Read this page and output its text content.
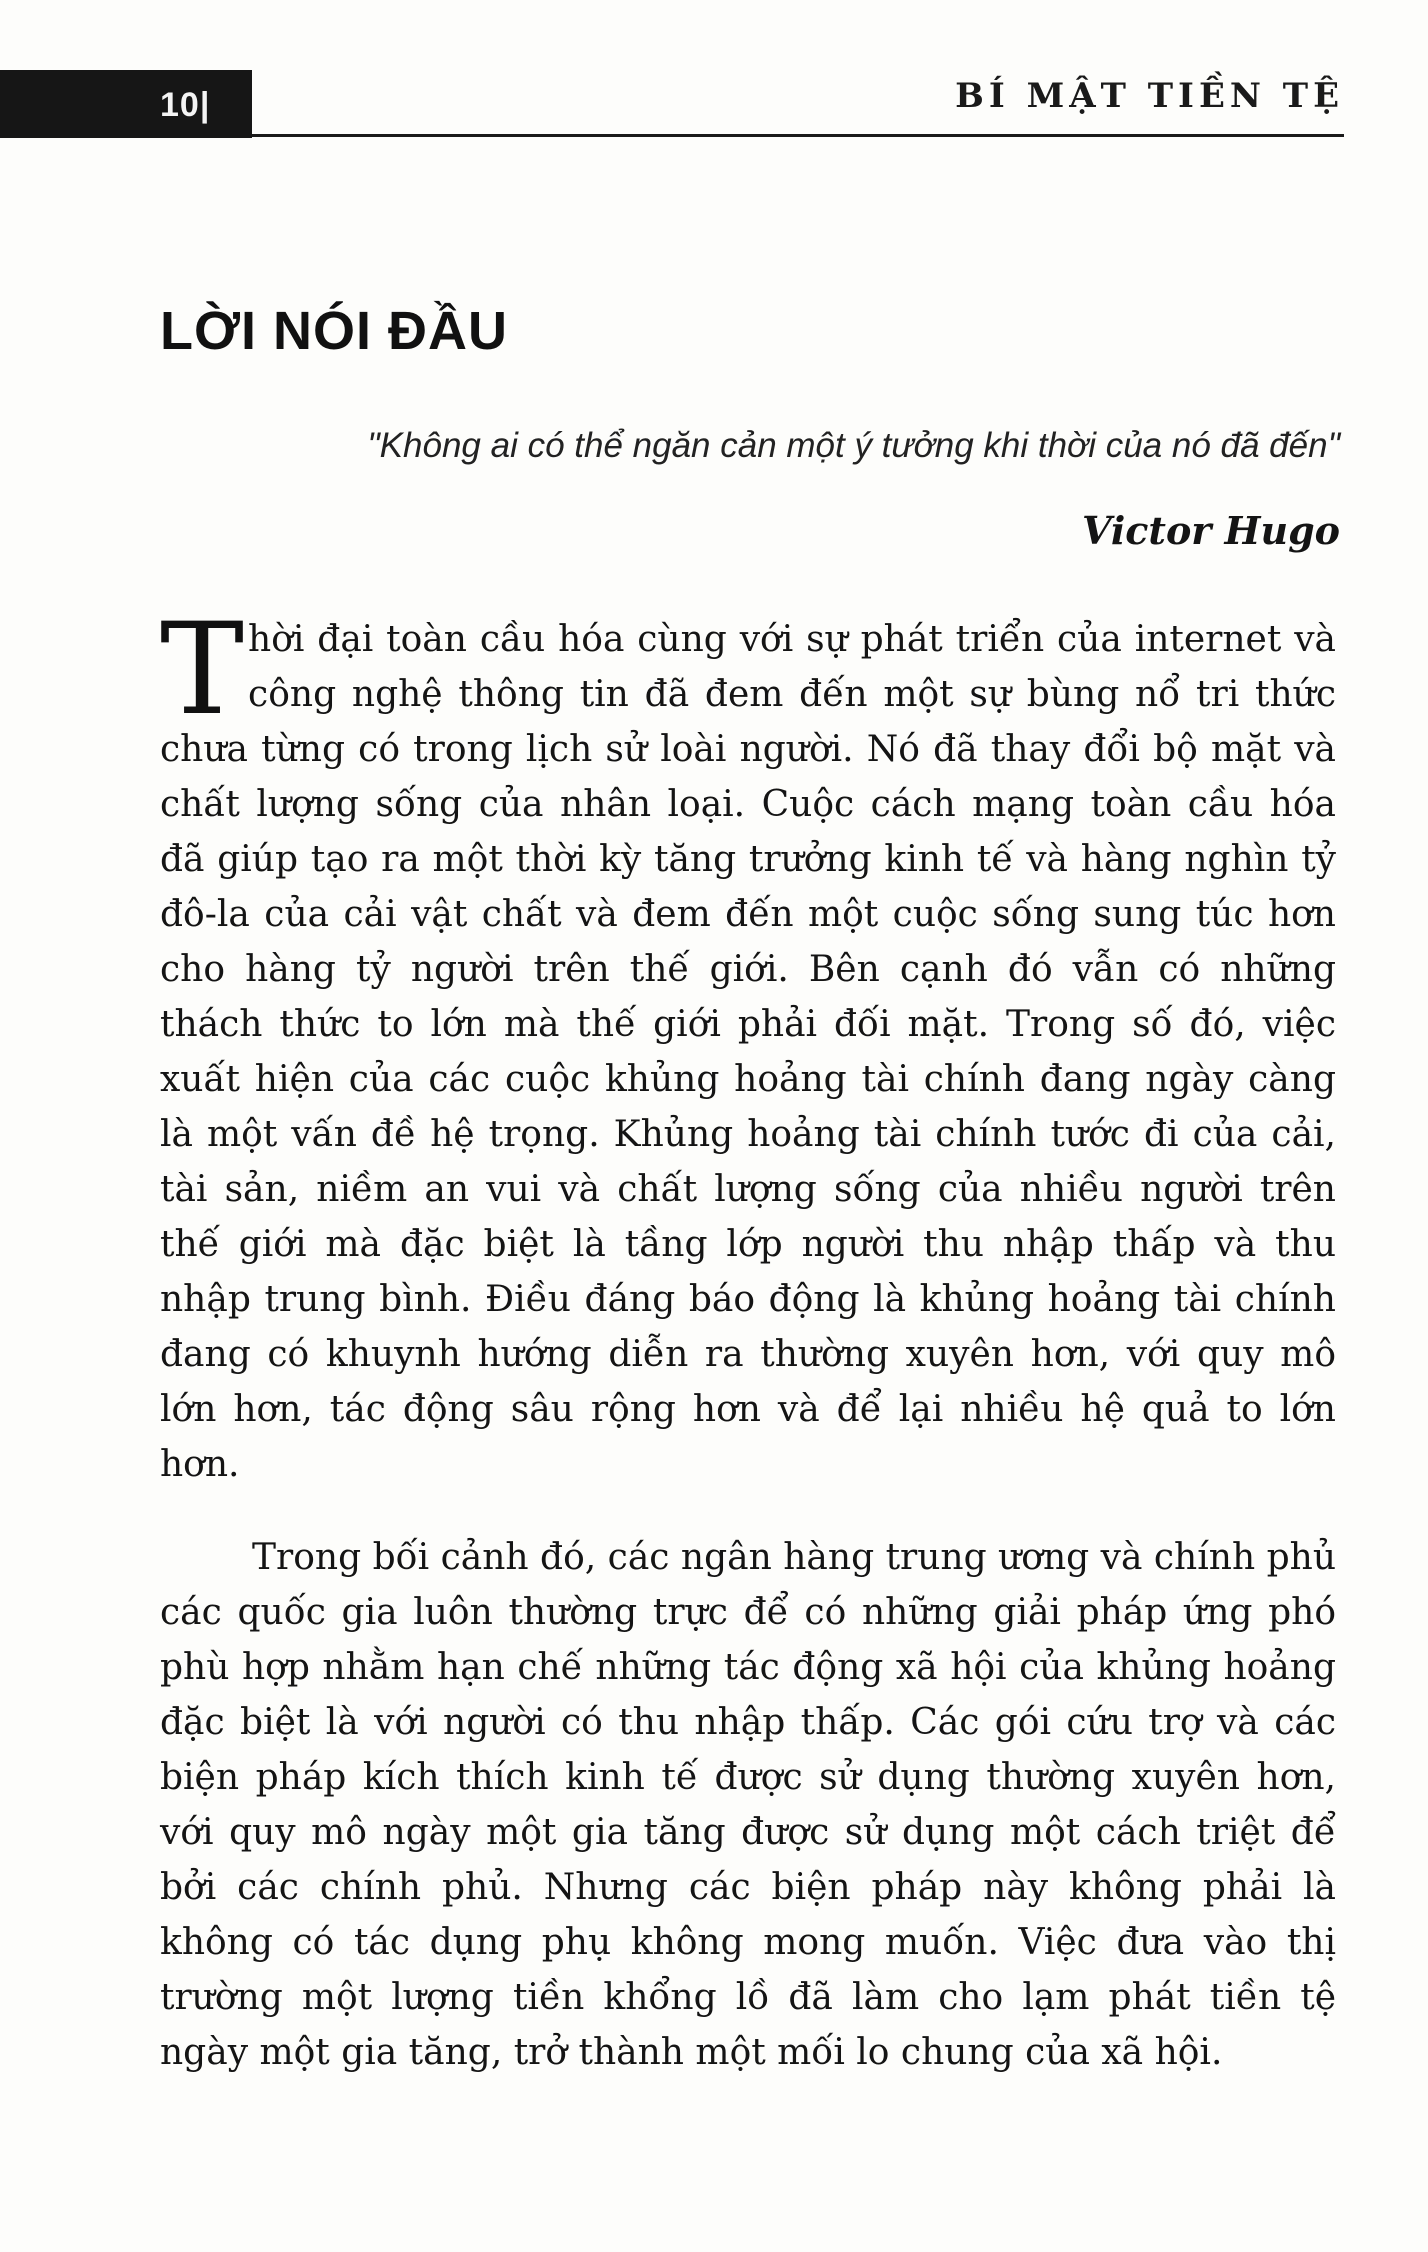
10|	BÍ MẬT TIỀN TỆ
LỜI NÓI ĐẦU
"Không ai có thể ngăn cản một ý tưởng khi thời của nó đã đến"
Victor Hugo

Thời đại toàn cầu hóa cùng với sự phát triển của internet và công nghệ thông tin đã đem đến một sự bùng nổ tri thức chưa từng có trong lịch sử loài người. Nó đã thay đổi bộ mặt và chất lượng sống của nhân loại. Cuộc cách mạng toàn cầu hóa đã giúp tạo ra một thời kỳ tăng trưởng kinh tế và hàng nghìn tỷ đô-la của cải vật chất và đem đến một cuộc sống sung túc hơn cho hàng tỷ người trên thế giới. Bên cạnh đó vẫn có những thách thức to lớn mà thế giới phải đối mặt. Trong số đó, việc xuất hiện của các cuộc khủng hoảng tài chính đang ngày càng là một vấn đề hệ trọng. Khủng hoảng tài chính tước đi của cải, tài sản, niềm an vui và chất lượng sống của nhiều người trên thế giới mà đặc biệt là tầng lớp người thu nhập thấp và thu nhập trung bình. Điều đáng báo động là khủng hoảng tài chính đang có khuynh hướng diễn ra thường xuyên hơn, với quy mô lớn hơn, tác động sâu rộng hơn và để lại nhiều hệ quả to lớn hơn.

Trong bối cảnh đó, các ngân hàng trung ương và chính phủ các quốc gia luôn thường trực để có những giải pháp ứng phó phù hợp nhằm hạn chế những tác động xã hội của khủng hoảng đặc biệt là với người có thu nhập thấp. Các gói cứu trợ và các biện pháp kích thích kinh tế được sử dụng thường xuyên hơn, với quy mô ngày một gia tăng được sử dụng một cách triệt để bởi các chính phủ. Nhưng các biện pháp này không phải là không có tác dụng phụ không mong muốn. Việc đưa vào thị trường một lượng tiền khổng lồ đã làm cho lạm phát tiền tệ ngày một gia tăng, trở thành một mối lo chung của xã hội.
